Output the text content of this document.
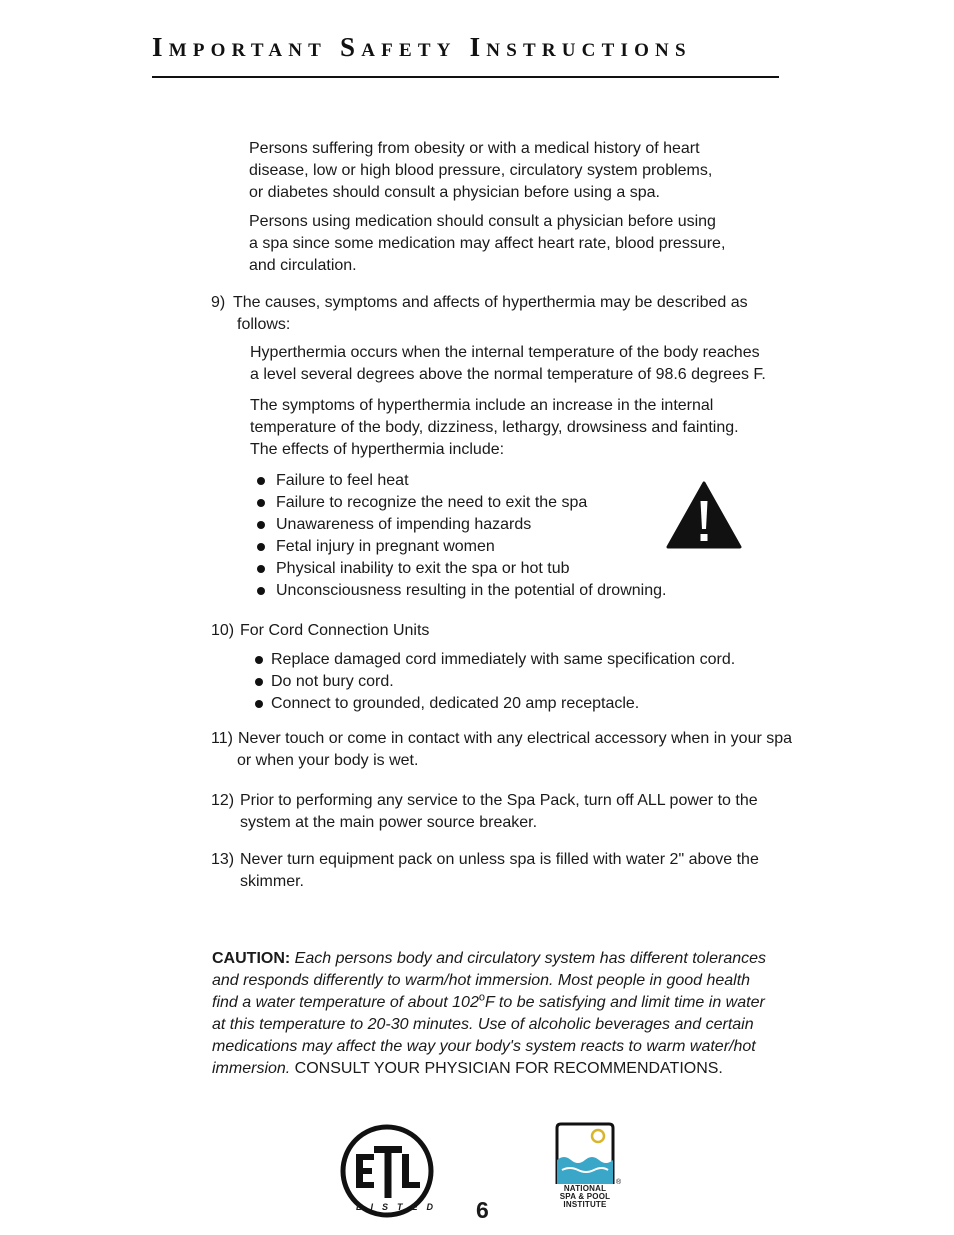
Important Safety Instructions
Persons suffering from obesity or with a medical history of heart
disease, low or high blood pressure, circulatory system problems,
or diabetes should consult a physician before using a spa.
Persons using medication should consult a physician before using
a spa since some medication may affect heart rate, blood pressure,
and circulation.
9) The causes, symptoms and affects of hyperthermia may be described as
follows:
Hyperthermia occurs when the internal temperature of the body reaches
a level several degrees above the normal temperature of 98.6 degrees F.
The symptoms of hyperthermia include an increase in the internal
temperature of the body, dizziness, lethargy, drowsiness and fainting.
The effects of hyperthermia include:
Failure to feel heat
Failure to recognize the need to exit the spa
Unawareness of impending hazards
Fetal injury in pregnant women
Physical inability to exit the spa or hot tub
Unconsciousness resulting in the potential of drowning.
10) For Cord Connection Units
Replace damaged cord immediately with same specification cord.
Do not bury cord.
Connect to grounded, dedicated 20 amp receptacle.
11) Never touch or come in contact with any electrical accessory when in your spa
or when your body is wet.
12) Prior to performing any service to the Spa Pack, turn off ALL power to the
system at the main power source breaker.
13) Never turn equipment pack on unless spa is filled with water 2" above the
skimmer.
CAUTION: Each persons body and circulatory system has different tolerances
and responds differently to warm/hot immersion. Most people in good health
find a water temperature of about 102$^o$F to be satisfying and limit time in water
at this temperature to 20-30 minutes. Use of alcoholic beverages and certain
medications may affect the way your body's system reacts to warm water/hot
immersion. CONSULT YOUR PHYSICIAN FOR RECOMMENDATIONS.
LISTED 6
®
NATIONAL
SPA & POOL
INSTITUTE
